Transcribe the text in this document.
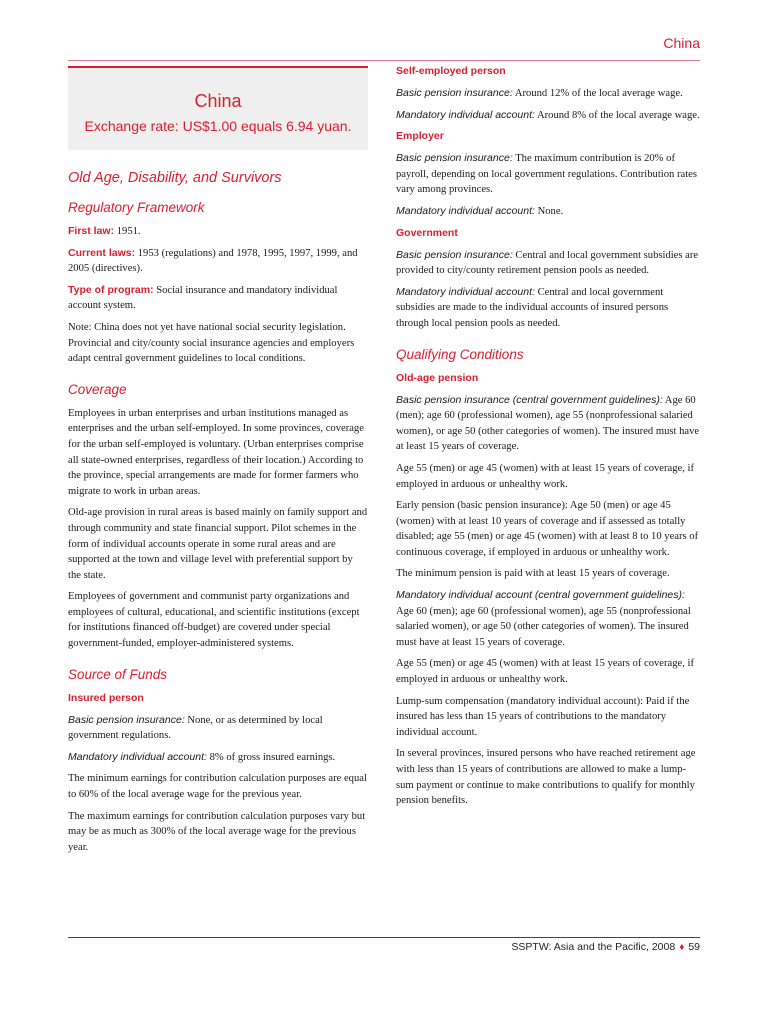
China
China
Exchange rate: US$1.00 equals 6.94 yuan.
Old Age, Disability, and Survivors
Regulatory Framework

First law: 1951.

Current laws: 1953 (regulations) and 1978, 1995, 1997, 1999, and 2005 (directives).

Type of program: Social insurance and mandatory individual account system.

Note: China does not yet have national social security legislation. Provincial and city/county social insurance agencies and employers adapt central government guidelines to local conditions.

Coverage

Employees in urban enterprises and urban institutions managed as enterprises and the urban self-employed. In some provinces, coverage for the urban self-employed is voluntary. (Urban enterprises comprise all state-owned enterprises, regardless of their location.) According to the province, special arrangements are made for former farmers who migrate to work in urban areas.

Old-age provision in rural areas is based mainly on family support and through community and state financial support. Pilot schemes in the form of individual accounts operate in some rural areas and are supported at the town and village level with preferential support by the state.

Employees of government and communist party organizations and employees of cultural, educational, and scientific institutions (except for institutions financed off-budget) are covered under special government-funded, employer-administered systems.

Source of Funds
Insured person

Basic pension insurance: None, or as determined by local government regulations.

Mandatory individual account: 8% of gross insured earnings.

The minimum earnings for contribution calculation purposes are equal to 60% of the local average wage for the previous year.

The maximum earnings for contribution calculation purposes vary but may be as much as 300% of the local average wage for the previous year.

Self-employed person

Basic pension insurance: Around 12% of the local average wage.

Mandatory individual account: Around 8% of the local average wage.

Employer

Basic pension insurance: The maximum contribution is 20% of payroll, depending on local government regulations. Contribution rates vary among provinces.

Mandatory individual account: None.

Government

Basic pension insurance: Central and local government subsidies are provided to city/county retirement pension pools as needed.

Mandatory individual account: Central and local government subsidies are made to the individual accounts of insured persons through local pension pools as needed.

Qualifying Conditions
Old-age pension

Basic pension insurance (central government guidelines): Age 60 (men); age 60 (professional women), age 55 (nonprofessional salaried women), or age 50 (other categories of women). The insured must have at least 15 years of coverage.

Age 55 (men) or age 45 (women) with at least 15 years of coverage, if employed in arduous or unhealthy work.

Early pension (basic pension insurance): Age 50 (men) or age 45 (women) with at least 10 years of coverage and if assessed as totally disabled; age 55 (men) or age 45 (women) with at least 8 to 10 years of continuous coverage, if employed in arduous or unhealthy work.

The minimum pension is paid with at least 15 years of coverage.

Mandatory individual account (central government guidelines): Age 60 (men); age 60 (professional women), age 55 (nonprofessional salaried women), or age 50 (other categories of women). The insured must have at least 15 years of coverage.

Age 55 (men) or age 45 (women) with at least 15 years of coverage, if employed in arduous or unhealthy work.

Lump-sum compensation (mandatory individual account): Paid if the insured has less than 15 years of contributions to the mandatory individual account.

In several provinces, insured persons who have reached retirement age with less than 15 years of contributions are allowed to make a lump-sum payment or continue to make contributions to qualify for monthly pension benefits.

SSPTW: Asia and the Pacific, 2008 ♦ 59
